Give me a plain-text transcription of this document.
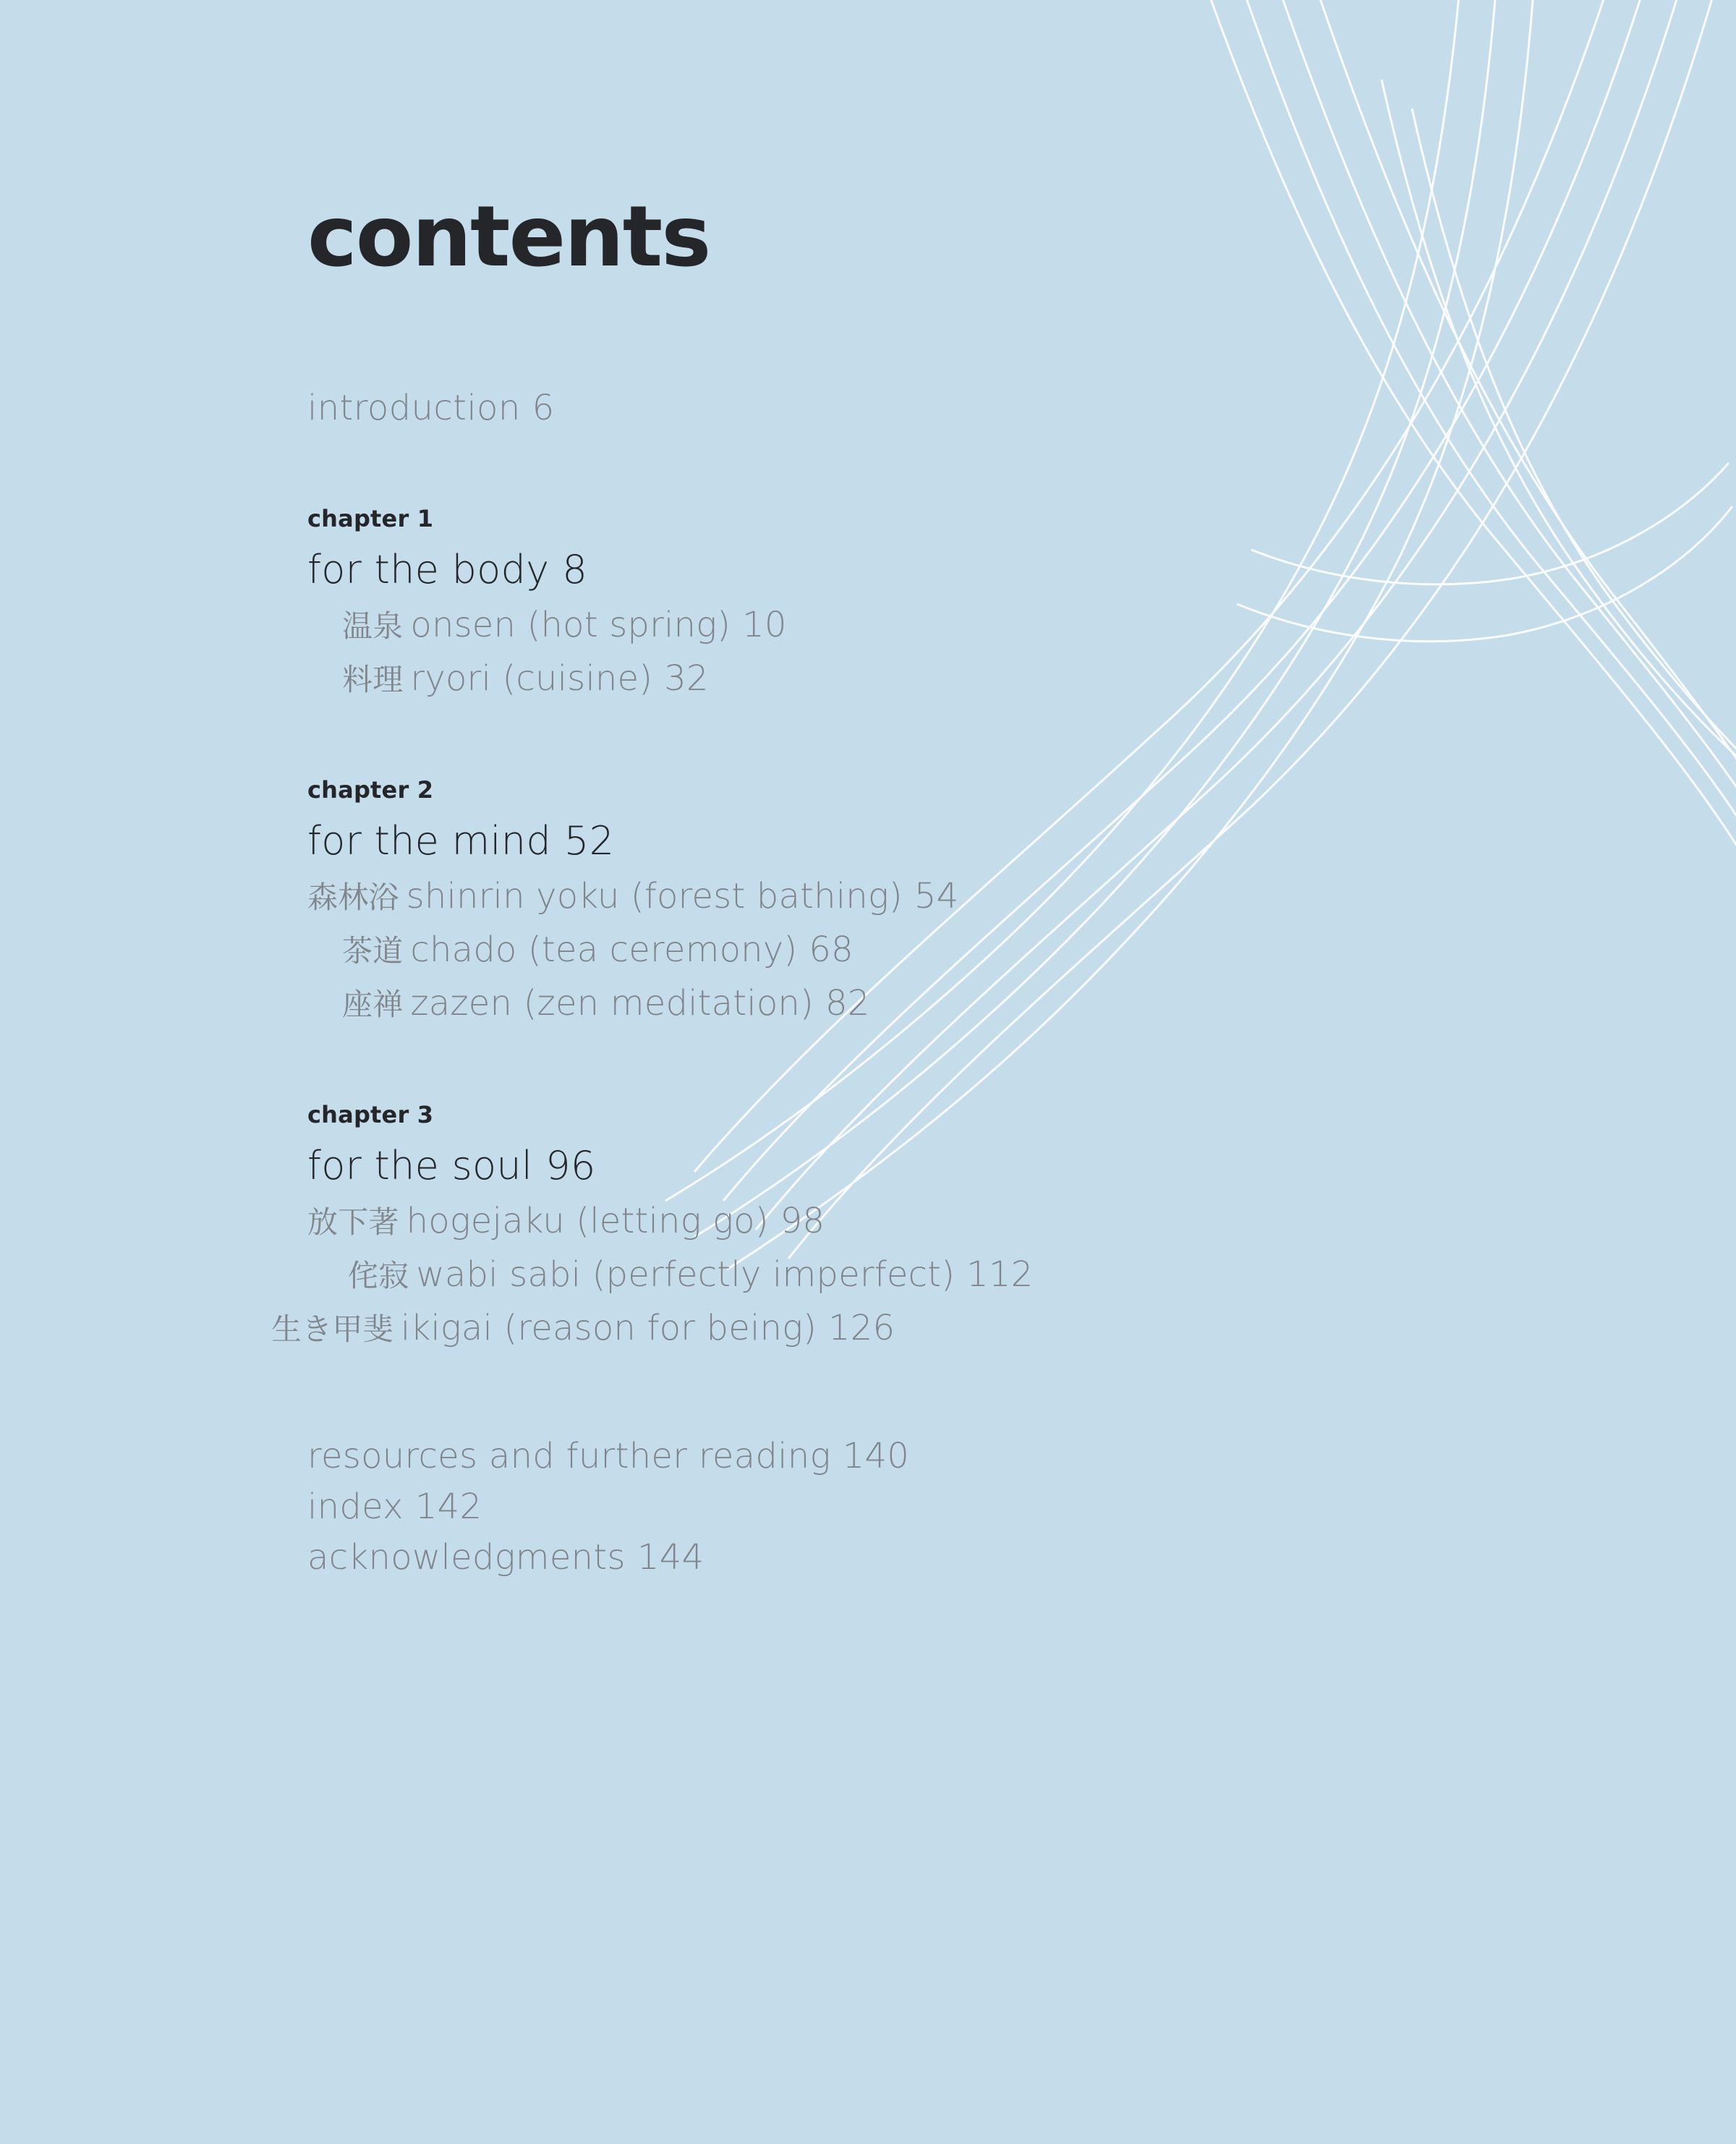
contents
introduction 6
chapter 1
for the body 8
温泉 onsen (hot spring) 10
料理 ryori (cuisine) 32
chapter 2
for the mind 52
森林浴 shinrin yoku (forest bathing) 54
茶道 chado (tea ceremony) 68
座禅 zazen (zen meditation) 82
chapter 3
for the soul 96
放下著 hogejaku (letting go) 98
侘寂 wabi sabi (perfectly imperfect) 112
生き甲斐 ikigai (reason for being) 126
resources and further reading 140
index 142
acknowledgments 144
